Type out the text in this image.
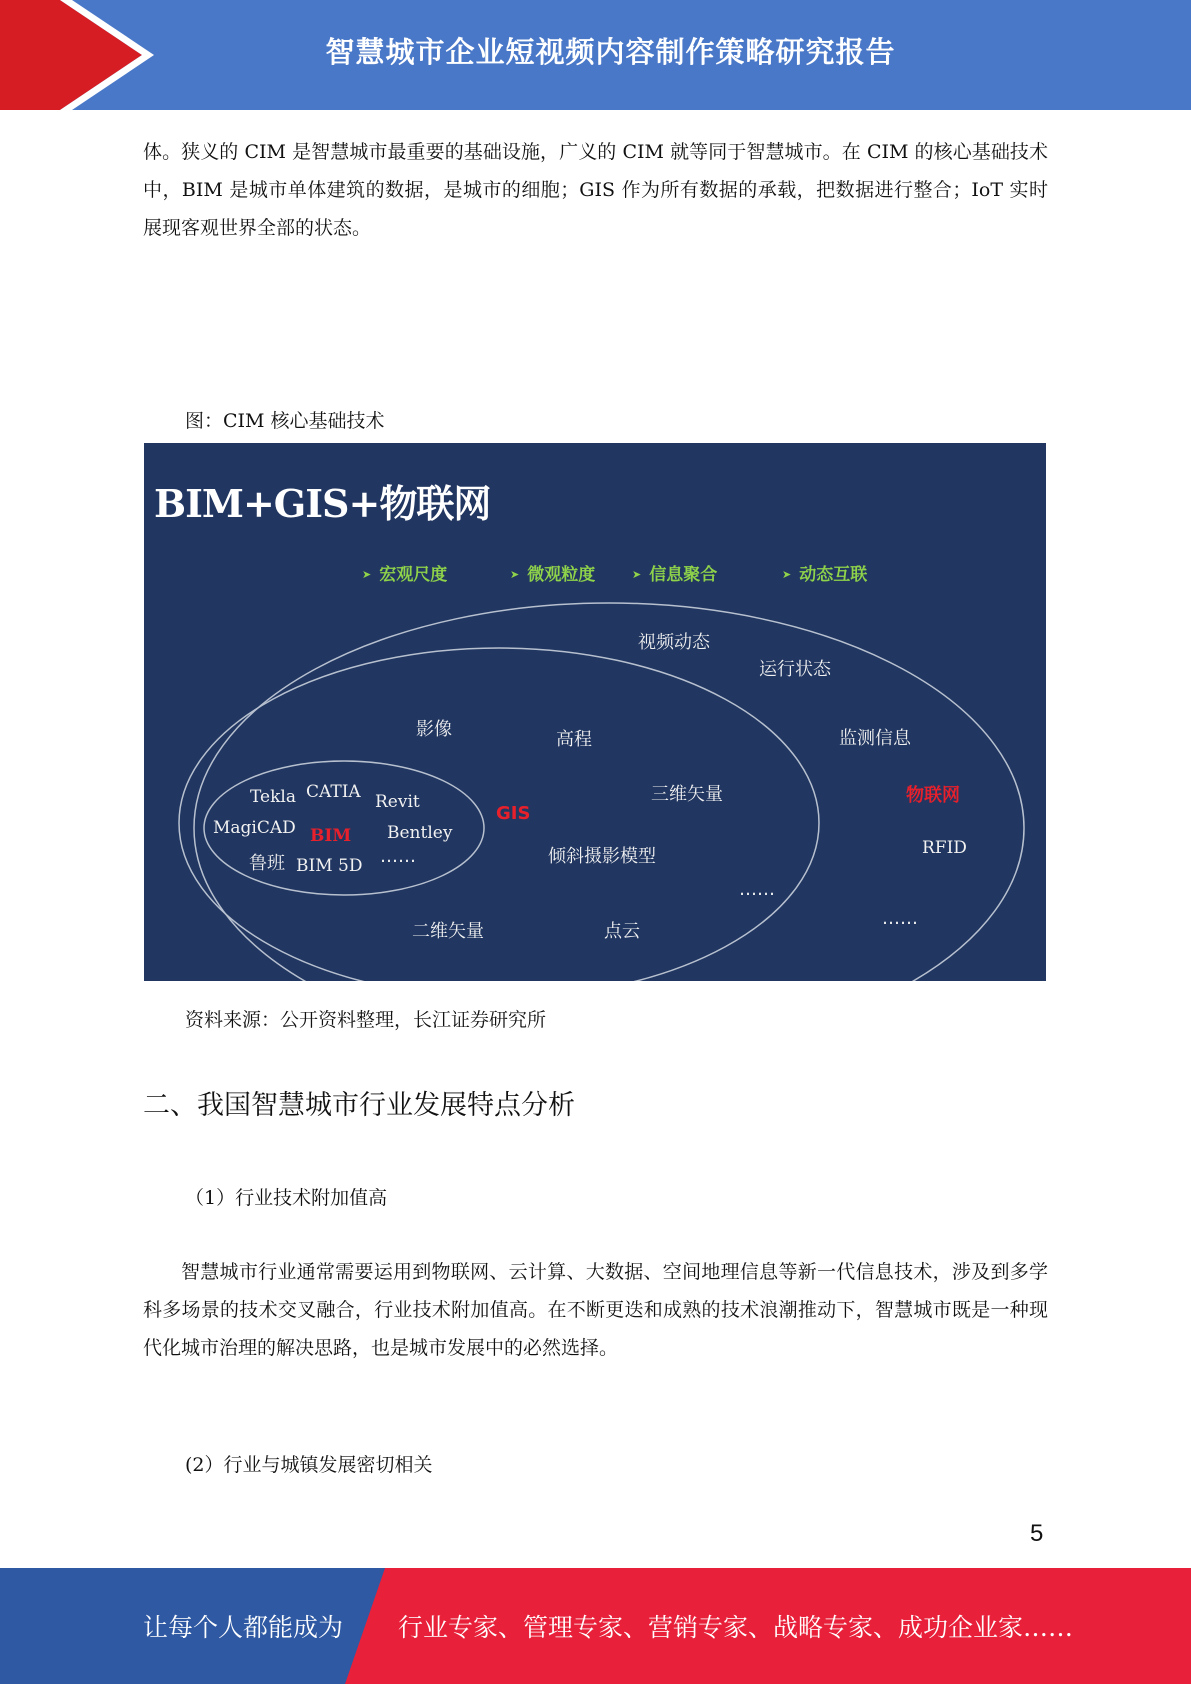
智慧城市企业短视频内容制作策略研究报告

体。狭义的 CIM 是智慧城市最重要的基础设施，广义的 CIM 就等同于智慧城市。在 CIM 的核心基础技术中，BIM 是城市单体建筑的数据，是城市的细胞；GIS 作为所有数据的承载，把数据进行整合；IoT 实时展现客观世界全部的状态。

图：CIM 核心基础技术

BIM+GIS+物联网
➤ 宏观尺度	➤ 微观粒度	➤ 信息聚合	➤ 动态互联
视频动态
运行状态
监测信息
物联网
RFID
……
影像	高程
三维矢量
GIS
倾斜摄影模型
……
二维矢量	点云
Tekla CATIA Revit
MagiCAD BIM Bentley
鲁班 BIM 5D ……

资料来源：公开资料整理，长江证券研究所

二、我国智慧城市行业发展特点分析

（1）行业技术附加值高

智慧城市行业通常需要运用到物联网、云计算、大数据、空间地理信息等新一代信息技术，涉及到多学科多场景的技术交叉融合，行业技术附加值高。在不断更迭和成熟的技术浪潮推动下，智慧城市既是一种现代化城市治理的解决思路，也是城市发展中的必然选择。

(2）行业与城镇发展密切相关

5
让每个人都能成为 行业专家、管理专家、营销专家、战略专家、成功企业家……
